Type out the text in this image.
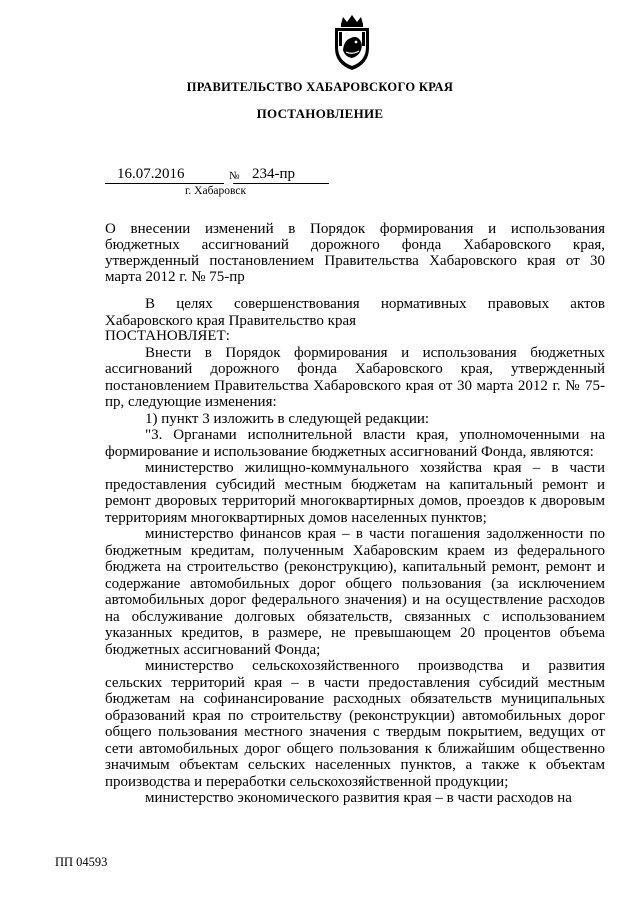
ПРАВИТЕЛЬСТВО ХАБАРОВСКОГО КРАЯ
ПОСТАНОВЛЕНИЕ
16.07.2016	№ 234-пр
г. Хабаровск
О внесении изменений в Порядок формирования и использования бюджетных ассигнований дорожного фонда Хабаровского края, утвержденный постановлением Правительства Хабаровского края от 30 марта 2012 г. № 75-пр

В целях совершенствования нормативных правовых актов Хабаровского края Правительство края

ПОСТАНОВЛЯЕТ:

Внести в Порядок формирования и использования бюджетных ассигнований дорожного фонда Хабаровского края, утвержденный постановлением Правительства Хабаровского края от 30 марта 2012 г. № 75-пр, следующие изменения:

1) пункт 3 изложить в следующей редакции:

"3. Органами исполнительной власти края, уполномоченными на формирование и использование бюджетных ассигнований Фонда, являются:

министерство жилищно-коммунального хозяйства края – в части предоставления субсидий местным бюджетам на капитальный ремонт и ремонт дворовых территорий многоквартирных домов, проездов к дворовым территориям многоквартирных домов населенных пунктов;

министерство финансов края – в части погашения задолженности по бюджетным кредитам, полученным Хабаровским краем из федерального бюджета на строительство (реконструкцию), капитальный ремонт, ремонт и содержание автомобильных дорог общего пользования (за исключением автомобильных дорог федерального значения) и на осуществление расходов на обслуживание долговых обязательств, связанных с использованием указанных кредитов, в размере, не превышающем 20 процентов объема бюджетных ассигнований Фонда;

министерство сельскохозяйственного производства и развития сельских территорий края – в части предоставления субсидий местным бюджетам на софинансирование расходных обязательств муниципальных образований края по строительству (реконструкции) автомобильных дорог общего пользования местного значения с твердым покрытием, ведущих от сети автомобильных дорог общего пользования к ближайшим общественно значимым объектам сельских населенных пунктов, а также к объектам производства и переработки сельскохозяйственной продукции;

министерство экономического развития края – в части расходов на

ПП 04593
